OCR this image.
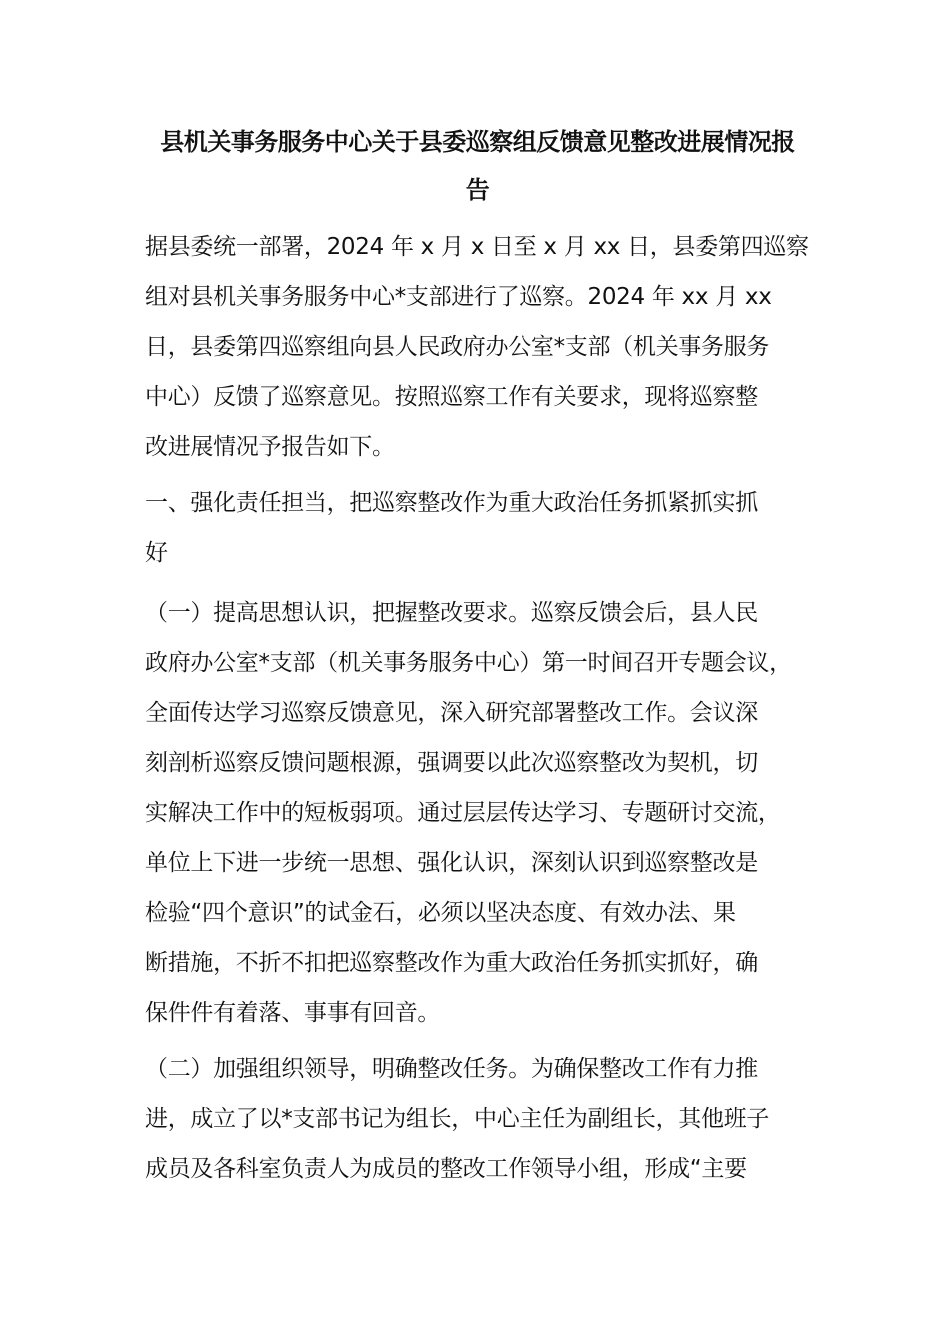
县机关事务服务中心关于县委巡察组反馈意见整改进展情况报
告
据县委统一部署，2024 年 x 月 x 日至 x 月 xx 日，县委第四巡察
组对县机关事务服务中心*支部进行了巡察。2024 年 xx 月 xx
日，县委第四巡察组向县人民政府办公室*支部（机关事务服务
中心）反馈了巡察意见。按照巡察工作有关要求，现将巡察整
改进展情况予报告如下。
一、强化责任担当，把巡察整改作为重大政治任务抓紧抓实抓
好
（一）提高思想认识，把握整改要求。巡察反馈会后，县人民
政府办公室*支部（机关事务服务中心）第一时间召开专题会议，
全面传达学习巡察反馈意见，深入研究部署整改工作。会议深
刻剖析巡察反馈问题根源，强调要以此次巡察整改为契机，切
实解决工作中的短板弱项。通过层层传达学习、专题研讨交流，
单位上下进一步统一思想、强化认识，深刻认识到巡察整改是
检验“四个意识”的试金石，必须以坚决态度、有效办法、果
断措施，不折不扣把巡察整改作为重大政治任务抓实抓好，确
保件件有着落、事事有回音。
（二）加强组织领导，明确整改任务。为确保整改工作有力推
进，成立了以*支部书记为组长，中心主任为副组长，其他班子
成员及各科室负责人为成员的整改工作领导小组，形成“主要
